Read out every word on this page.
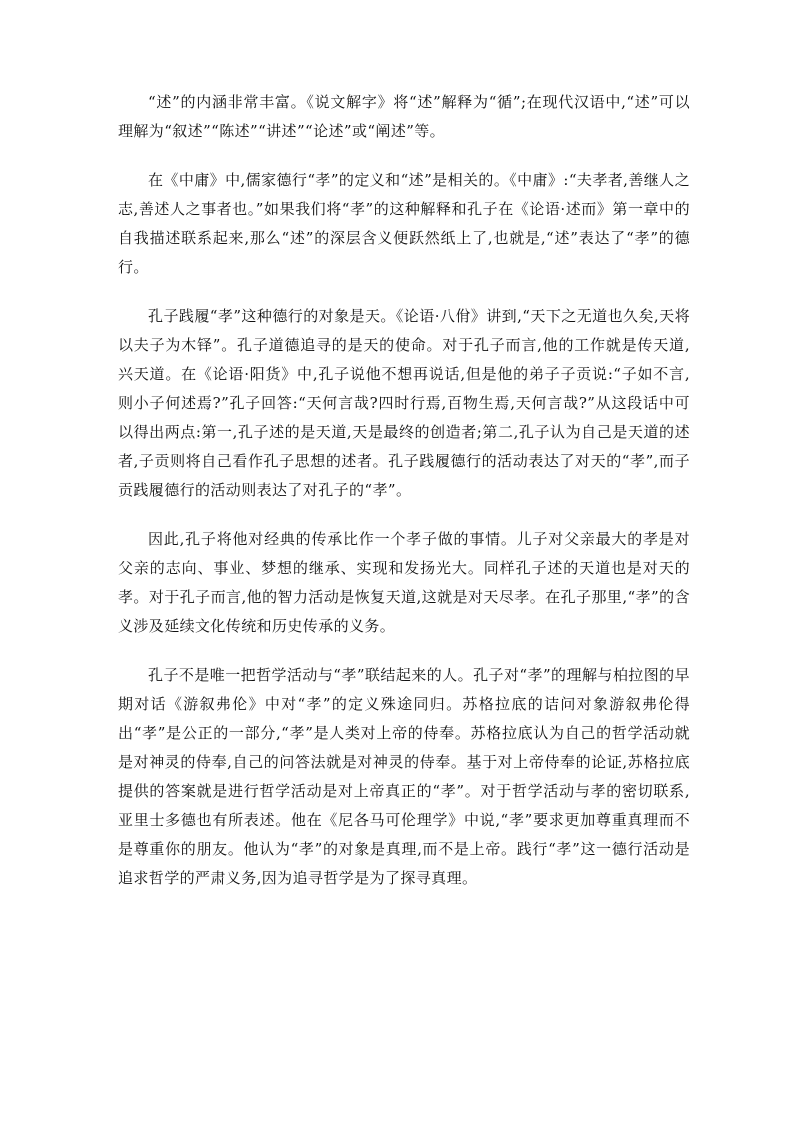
“述”的内涵非常丰富。《说文解字》将“述”解释为“循”;在现代汉语中,“述”可以理解为“叙述”“陈述”“讲述”“论述”或“阐述”等。

在《中庸》中,儒家德行“孝”的定义和“述”是相关的。《中庸》:“夫孝者,善继人之志,善述人之事者也。”如果我们将“孝”的这种解释和孔子在《论语·述而》第一章中的自我描述联系起来,那么“述”的深层含义便跃然纸上了,也就是,“述”表达了“孝”的德行。

孔子践履“孝”这种德行的对象是天。《论语·八佾》讲到,“天下之无道也久矣,天将以夫子为木铎”。孔子道德追寻的是天的使命。对于孔子而言,他的工作就是传天道,兴天道。在《论语·阳货》中,孔子说他不想再说话,但是他的弟子子贡说:“子如不言,则小子何述焉?”孔子回答:“天何言哉?四时行焉,百物生焉,天何言哉?”从这段话中可以得出两点:第一,孔子述的是天道,天是最终的创造者;第二,孔子认为自己是天道的述者,子贡则将自己看作孔子思想的述者。孔子践履德行的活动表达了对天的“孝”,而子贡践履德行的活动则表达了对孔子的“孝”。

因此,孔子将他对经典的传承比作一个孝子做的事情。儿子对父亲最大的孝是对父亲的志向、事业、梦想的继承、实现和发扬光大。同样孔子述的天道也是对天的孝。对于孔子而言,他的智力活动是恢复天道,这就是对天尽孝。在孔子那里,“孝”的含义涉及延续文化传统和历史传承的义务。

孔子不是唯一把哲学活动与“孝”联结起来的人。孔子对“孝”的理解与柏拉图的早期对话《游叙弗伦》中对“孝”的定义殊途同归。苏格拉底的诘问对象游叙弗伦得出“孝”是公正的一部分,“孝”是人类对上帝的侍奉。苏格拉底认为自己的哲学活动就是对神灵的侍奉,自己的问答法就是对神灵的侍奉。基于对上帝侍奉的论证,苏格拉底提供的答案就是进行哲学活动是对上帝真正的“孝”。对于哲学活动与孝的密切联系,亚里士多德也有所表述。他在《尼各马可伦理学》中说,“孝”要求更加尊重真理而不是尊重你的朋友。他认为“孝”的对象是真理,而不是上帝。践行“孝”这一德行活动是追求哲学的严肃义务,因为追寻哲学是为了探寻真理。
